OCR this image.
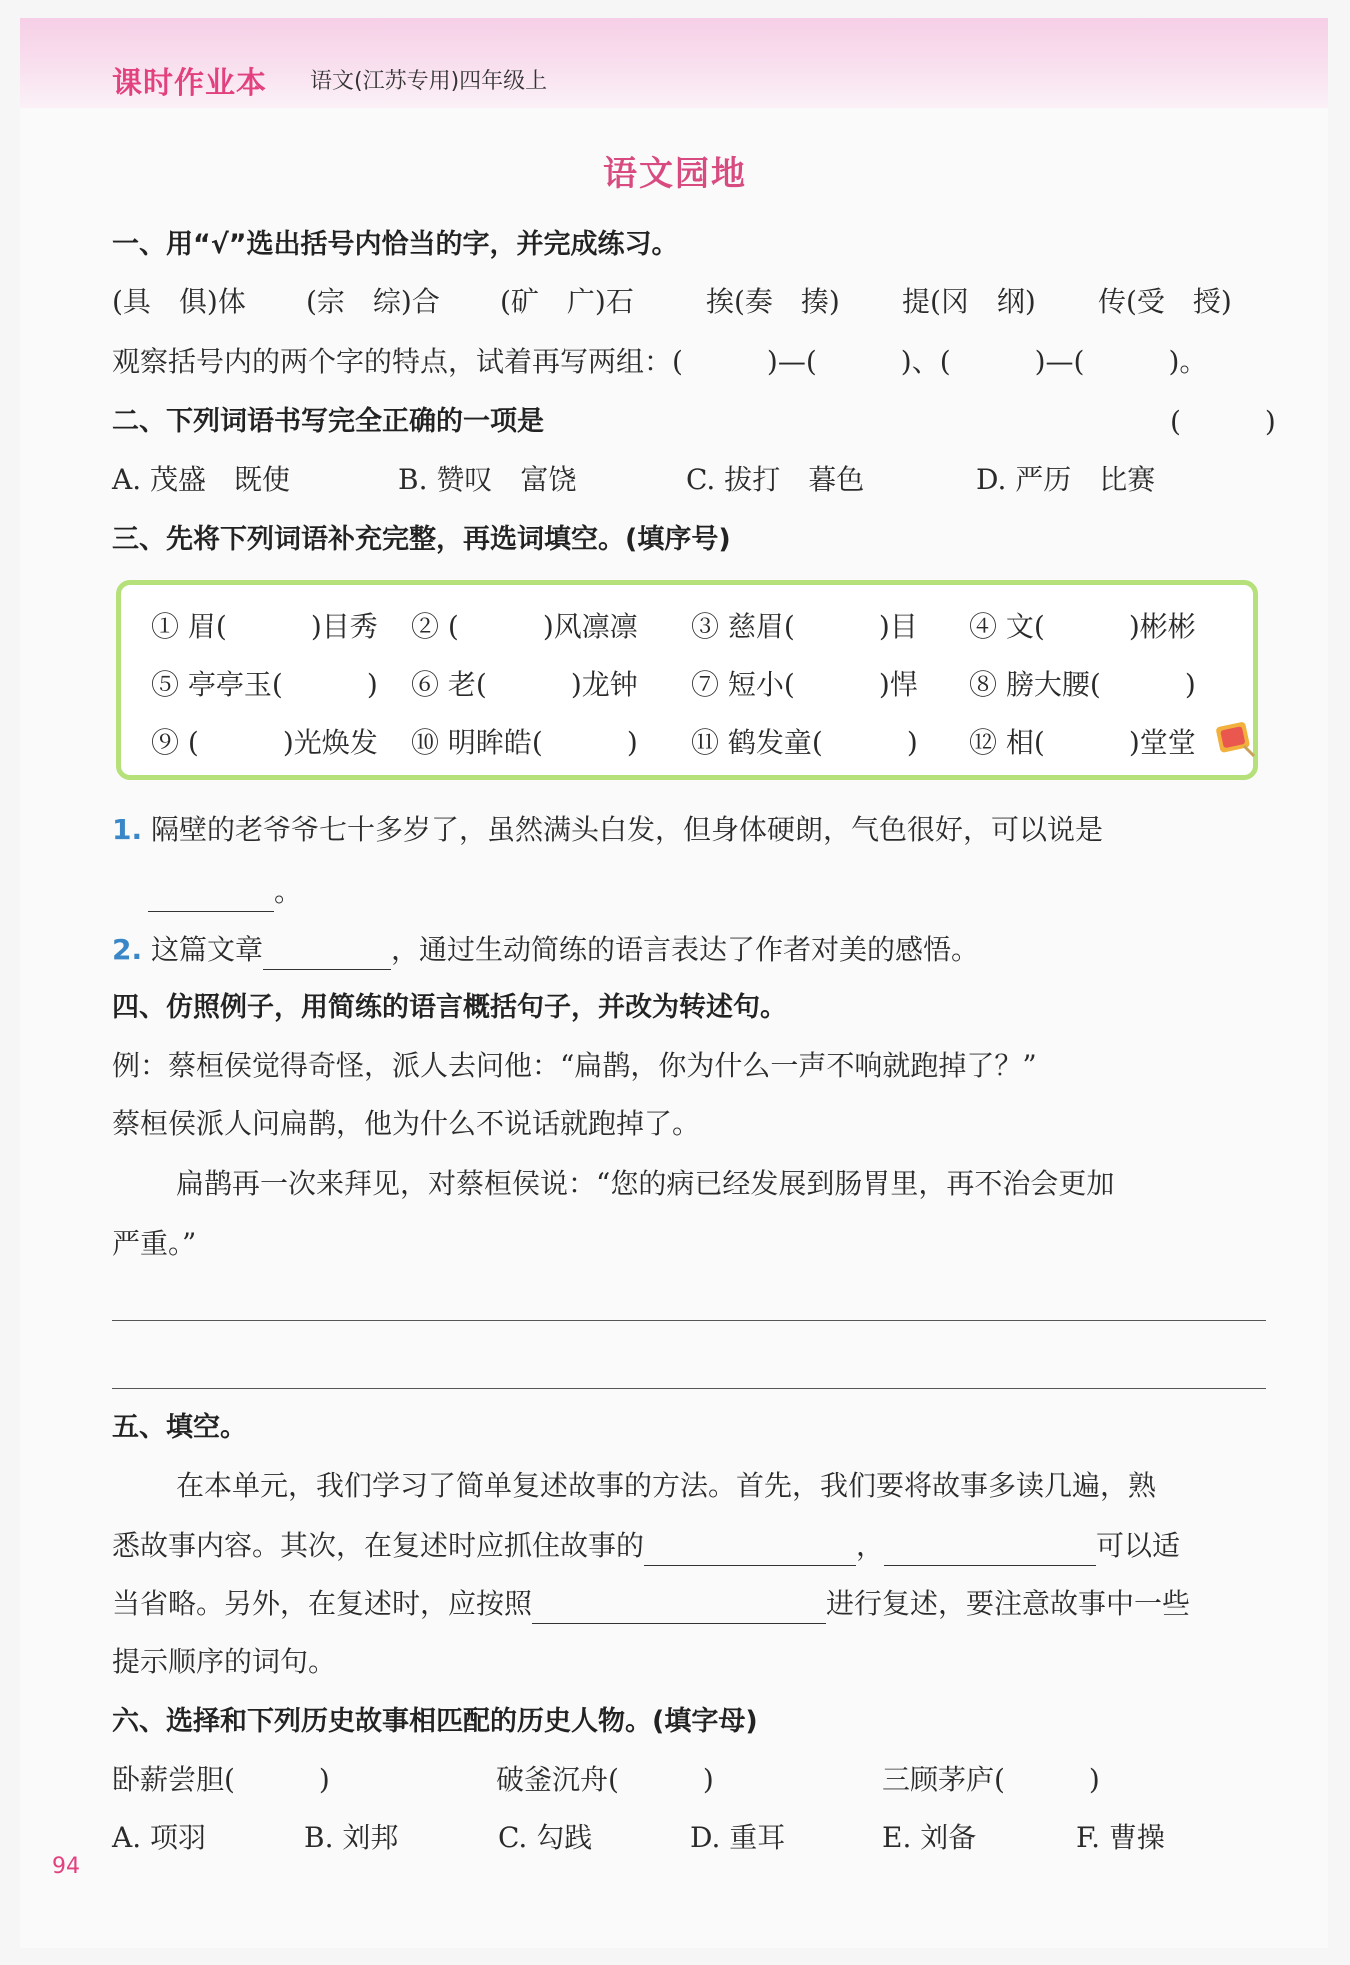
课时作业本 语文(江苏专用)四年级上
语文园地
一、用“√”选出括号内恰当的字，并完成练习。
(具　俱)体 (宗　综)合 (矿　广)石	挨(奏　揍) 提(冈　纲) 传(受　授)
观察括号内的两个字的特点，试着再写两组：(　　　)—(　　　)、(　　　)—(　　　)。
二、下列词语书写完全正确的一项是	(　　　)
A. 茂盛　既使	B. 赞叹　富饶	C. 拔打　暮色	D. 严历　比赛
三、先将下列词语补充完整，再选词填空。(填序号)
① 眉(　　　)目秀 ② (　　　)风凛凛 ③ 慈眉(　　　)目 ④ 文(　　　)彬彬
⑤ 亭亭玉(　　　) ⑥ 老(　　　)龙钟 ⑦ 短小(　　　)悍 ⑧ 膀大腰(　　　)
⑨ (　　　)光焕发 ⑩ 明眸皓(　　　) ⑪ 鹤发童(　　　) ⑫ 相(　　　)堂堂
1. 隔壁的老爷爷七十多岁了，虽然满头白发，但身体硬朗，气色很好，可以说是
。
2. 这篇文章	，通过生动简练的语言表达了作者对美的感悟。
四、仿照例子，用简练的语言概括句子，并改为转述句。
例：蔡桓侯觉得奇怪，派人去问他：“扁鹊，你为什么一声不响就跑掉了？”
蔡桓侯派人问扁鹊，他为什么不说话就跑掉了。
扁鹊再一次来拜见，对蔡桓侯说：“您的病已经发展到肠胃里，再不治会更加
严重。”
五、填空。
在本单元，我们学习了简单复述故事的方法。首先，我们要将故事多读几遍，熟
悉故事内容。其次，在复述时应抓住故事的	，	可以适
当省略。另外，在复述时，应按照	进行复述，要注意故事中一些
提示顺序的词句。
六、选择和下列历史故事相匹配的历史人物。(填字母)
卧薪尝胆(　　　)	破釜沉舟(　　　)	三顾茅庐(　　　)
A. 项羽	B. 刘邦	C. 勾践	D. 重耳	E. 刘备	F. 曹操
94
